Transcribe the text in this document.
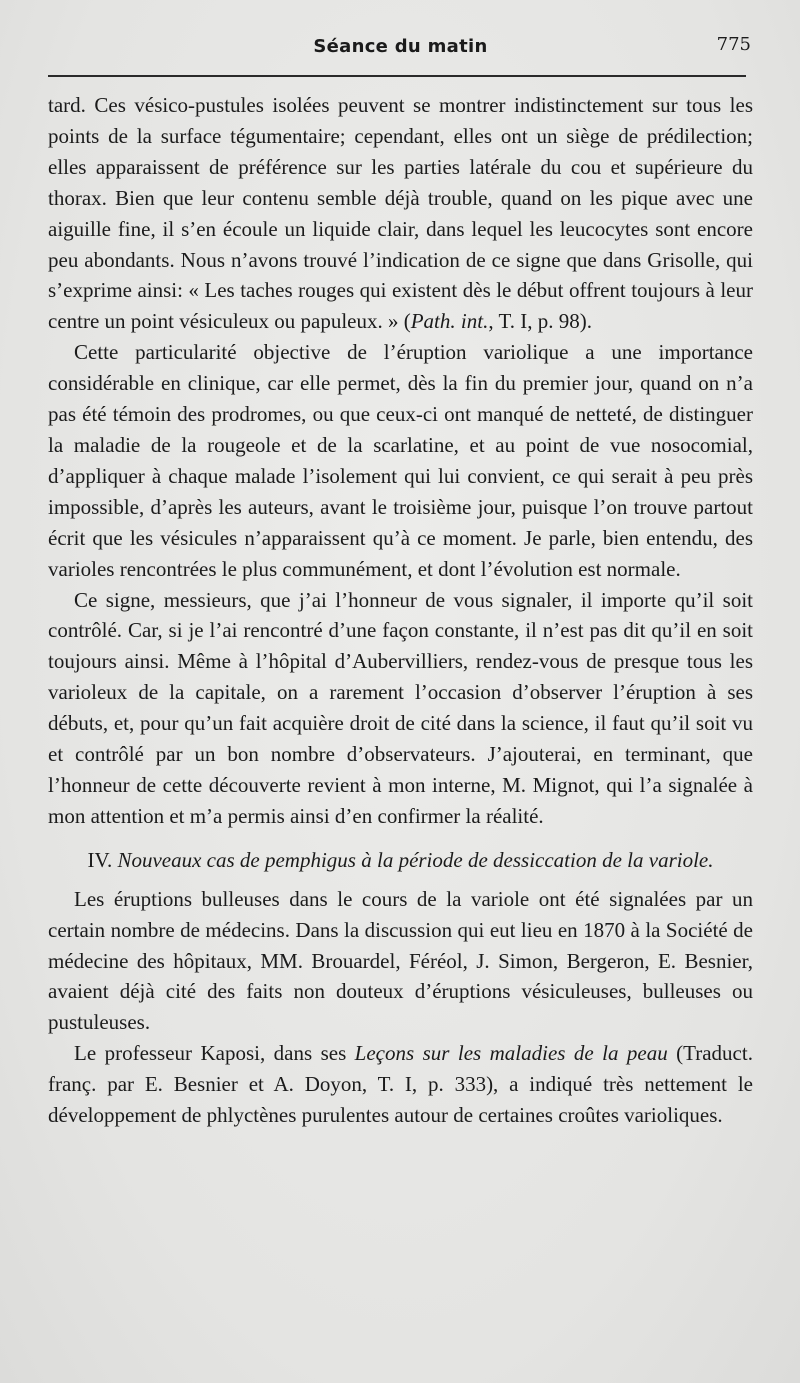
Séance du matin	775

tard. Ces vésico-pustules isolées peuvent se montrer indistinctement sur tous les points de la surface tégumentaire; cependant, elles ont un siège de prédilection; elles apparaissent de préférence sur les parties latérale du cou et supérieure du thorax. Bien que leur contenu semble déjà trouble, quand on les pique avec une aiguille fine, il s’en écoule un liquide clair, dans lequel les leucocytes sont encore peu abondants. Nous n’avons trouvé l’indication de ce signe que dans Grisolle, qui s’exprime ainsi: « Les taches rouges qui existent dès le début offrent toujours à leur centre un point vésiculeux ou papuleux. » (Path. int., T. I, p. 98).

Cette particularité objective de l’éruption variolique a une importance considérable en clinique, car elle permet, dès la fin du premier jour, quand on n’a pas été témoin des prodromes, ou que ceux-ci ont manqué de netteté, de distinguer la maladie de la rougeole et de la scarlatine, et au point de vue nosocomial, d’appliquer à chaque malade l’isolement qui lui convient, ce qui serait à peu près impossible, d’après les auteurs, avant le troisième jour, puisque l’on trouve partout écrit que les vésicules n’apparaissent qu’à ce moment. Je parle, bien entendu, des varioles rencontrées le plus communément, et dont l’évolution est normale.

Ce signe, messieurs, que j’ai l’honneur de vous signaler, il importe qu’il soit contrôlé. Car, si je l’ai rencontré d’une façon constante, il n’est pas dit qu’il en soit toujours ainsi. Même à l’hôpital d’Aubervilliers, rendez-vous de presque tous les varioleux de la capitale, on a rarement l’occasion d’observer l’éruption à ses débuts, et, pour qu’un fait acquière droit de cité dans la science, il faut qu’il soit vu et contrôlé par un bon nombre d’observateurs. J’ajouterai, en terminant, que l’honneur de cette découverte revient à mon interne, M. Mignot, qui l’a signalée à mon attention et m’a permis ainsi d’en confirmer la réalité.

IV. Nouveaux cas de pemphigus à la période de dessiccation de la variole.

Les éruptions bulleuses dans le cours de la variole ont été signalées par un certain nombre de médecins. Dans la discussion qui eut lieu en 1870 à la Société de médecine des hôpitaux, MM. Brouardel, Féréol, J. Simon, Bergeron, E. Besnier, avaient déjà cité des faits non douteux d’éruptions vésiculeuses, bulleuses ou pustuleuses.

Le professeur Kaposi, dans ses Leçons sur les maladies de la peau (Traduct. franç. par E. Besnier et A. Doyon, T. I, p. 333), a indiqué très nettement le développement de phlyctènes purulentes autour de certaines croûtes varioliques.
